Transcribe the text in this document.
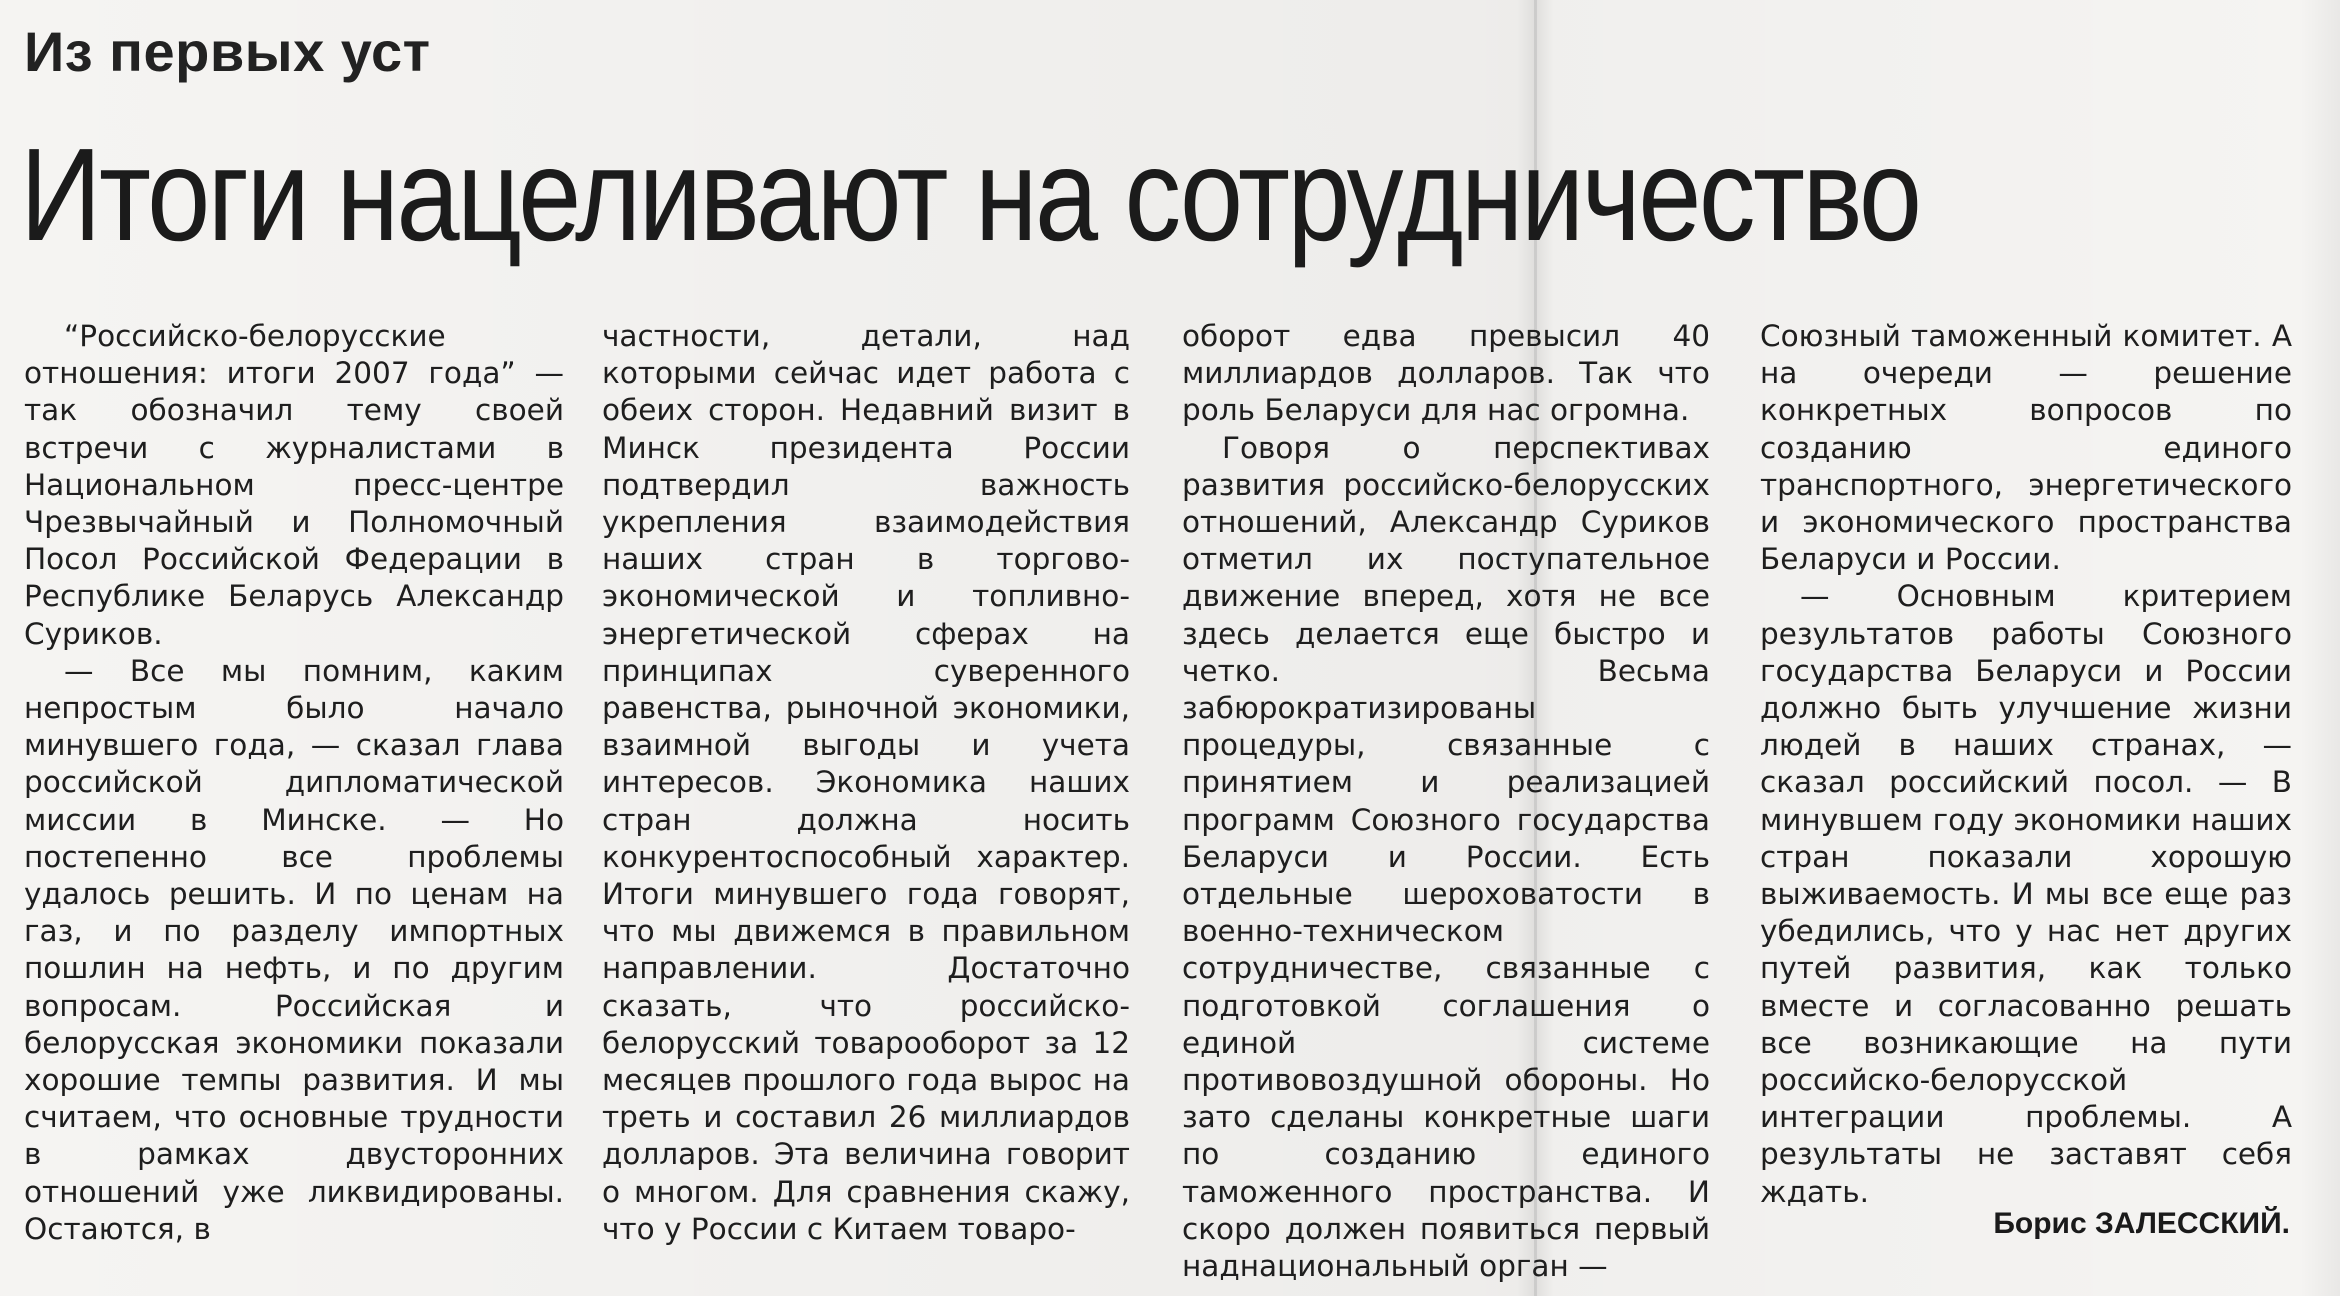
Из первых уст
Итоги нацеливают на сотрудничество

“Российско-белорусские отношения: итоги 2007 года” — так обозначил тему своей встречи с журналистами в Национальном пресс-центре Чрезвычайный и Полномочный Посол Российской Федерации в Республике Беларусь Александр Суриков.

— Все мы помним, каким непростым было начало минувшего года, — сказал глава российской дипломатической миссии в Минске. — Но постепенно все проблемы удалось решить. И по ценам на газ, и по разделу импортных пошлин на нефть, и по другим вопросам. Российская и белорусская экономики показали хорошие темпы развития. И мы считаем, что основные трудности в рамках двусторонних отношений уже ликвидированы. Остаются, в

частности, детали, над которыми сейчас идет работа с обеих сторон. Недавний визит в Минск президента России подтвердил важность укрепления взаимодействия наших стран в торгово-экономической и топливно-энергетической сферах на принципах суверенного равенства, рыночной экономики, взаимной выгоды и учета интересов. Экономика наших стран должна носить конкурентоспособный характер. Итоги минувшего года говорят, что мы движемся в правильном направлении. Достаточно сказать, что российско-белорусский товарооборот за 12 месяцев прошлого года вырос на треть и составил 26 миллиардов долларов. Эта величина говорит о многом. Для сравнения скажу, что у России с Китаем товаро-

оборот едва превысил 40 миллиардов долларов. Так что роль Беларуси для нас огромна.

Говоря о перспективах развития российско-белорусских отношений, Александр Суриков отметил их поступательное движение вперед, хотя не все здесь делается еще быстро и четко. Весьма забюрократизированы процедуры, связанные с принятием и реализацией программ Союзного государства Беларуси и России. Есть отдельные шероховатости в военно-техническом сотрудничестве, связанные с подготовкой соглашения о единой системе противовоздушной обороны. Но зато сделаны конкретные шаги по созданию единого таможенного пространства. И скоро должен появиться первый наднациональный орган —

Союзный таможенный комитет. А на очереди — решение конкретных вопросов по созданию единого транспортного, энергетического и экономического пространства Беларуси и России.

— Основным критерием результатов работы Союзного государства Беларуси и России должно быть улучшение жизни людей в наших странах, — сказал российский посол. — В минувшем году экономики наших стран показали хорошую выживаемость. И мы все еще раз убедились, что у нас нет других путей развития, как только вместе и согласованно решать все возникающие на пути российско-белорусской интеграции проблемы. А результаты не заставят себя ждать.

Борис ЗАЛЕССКИЙ.
